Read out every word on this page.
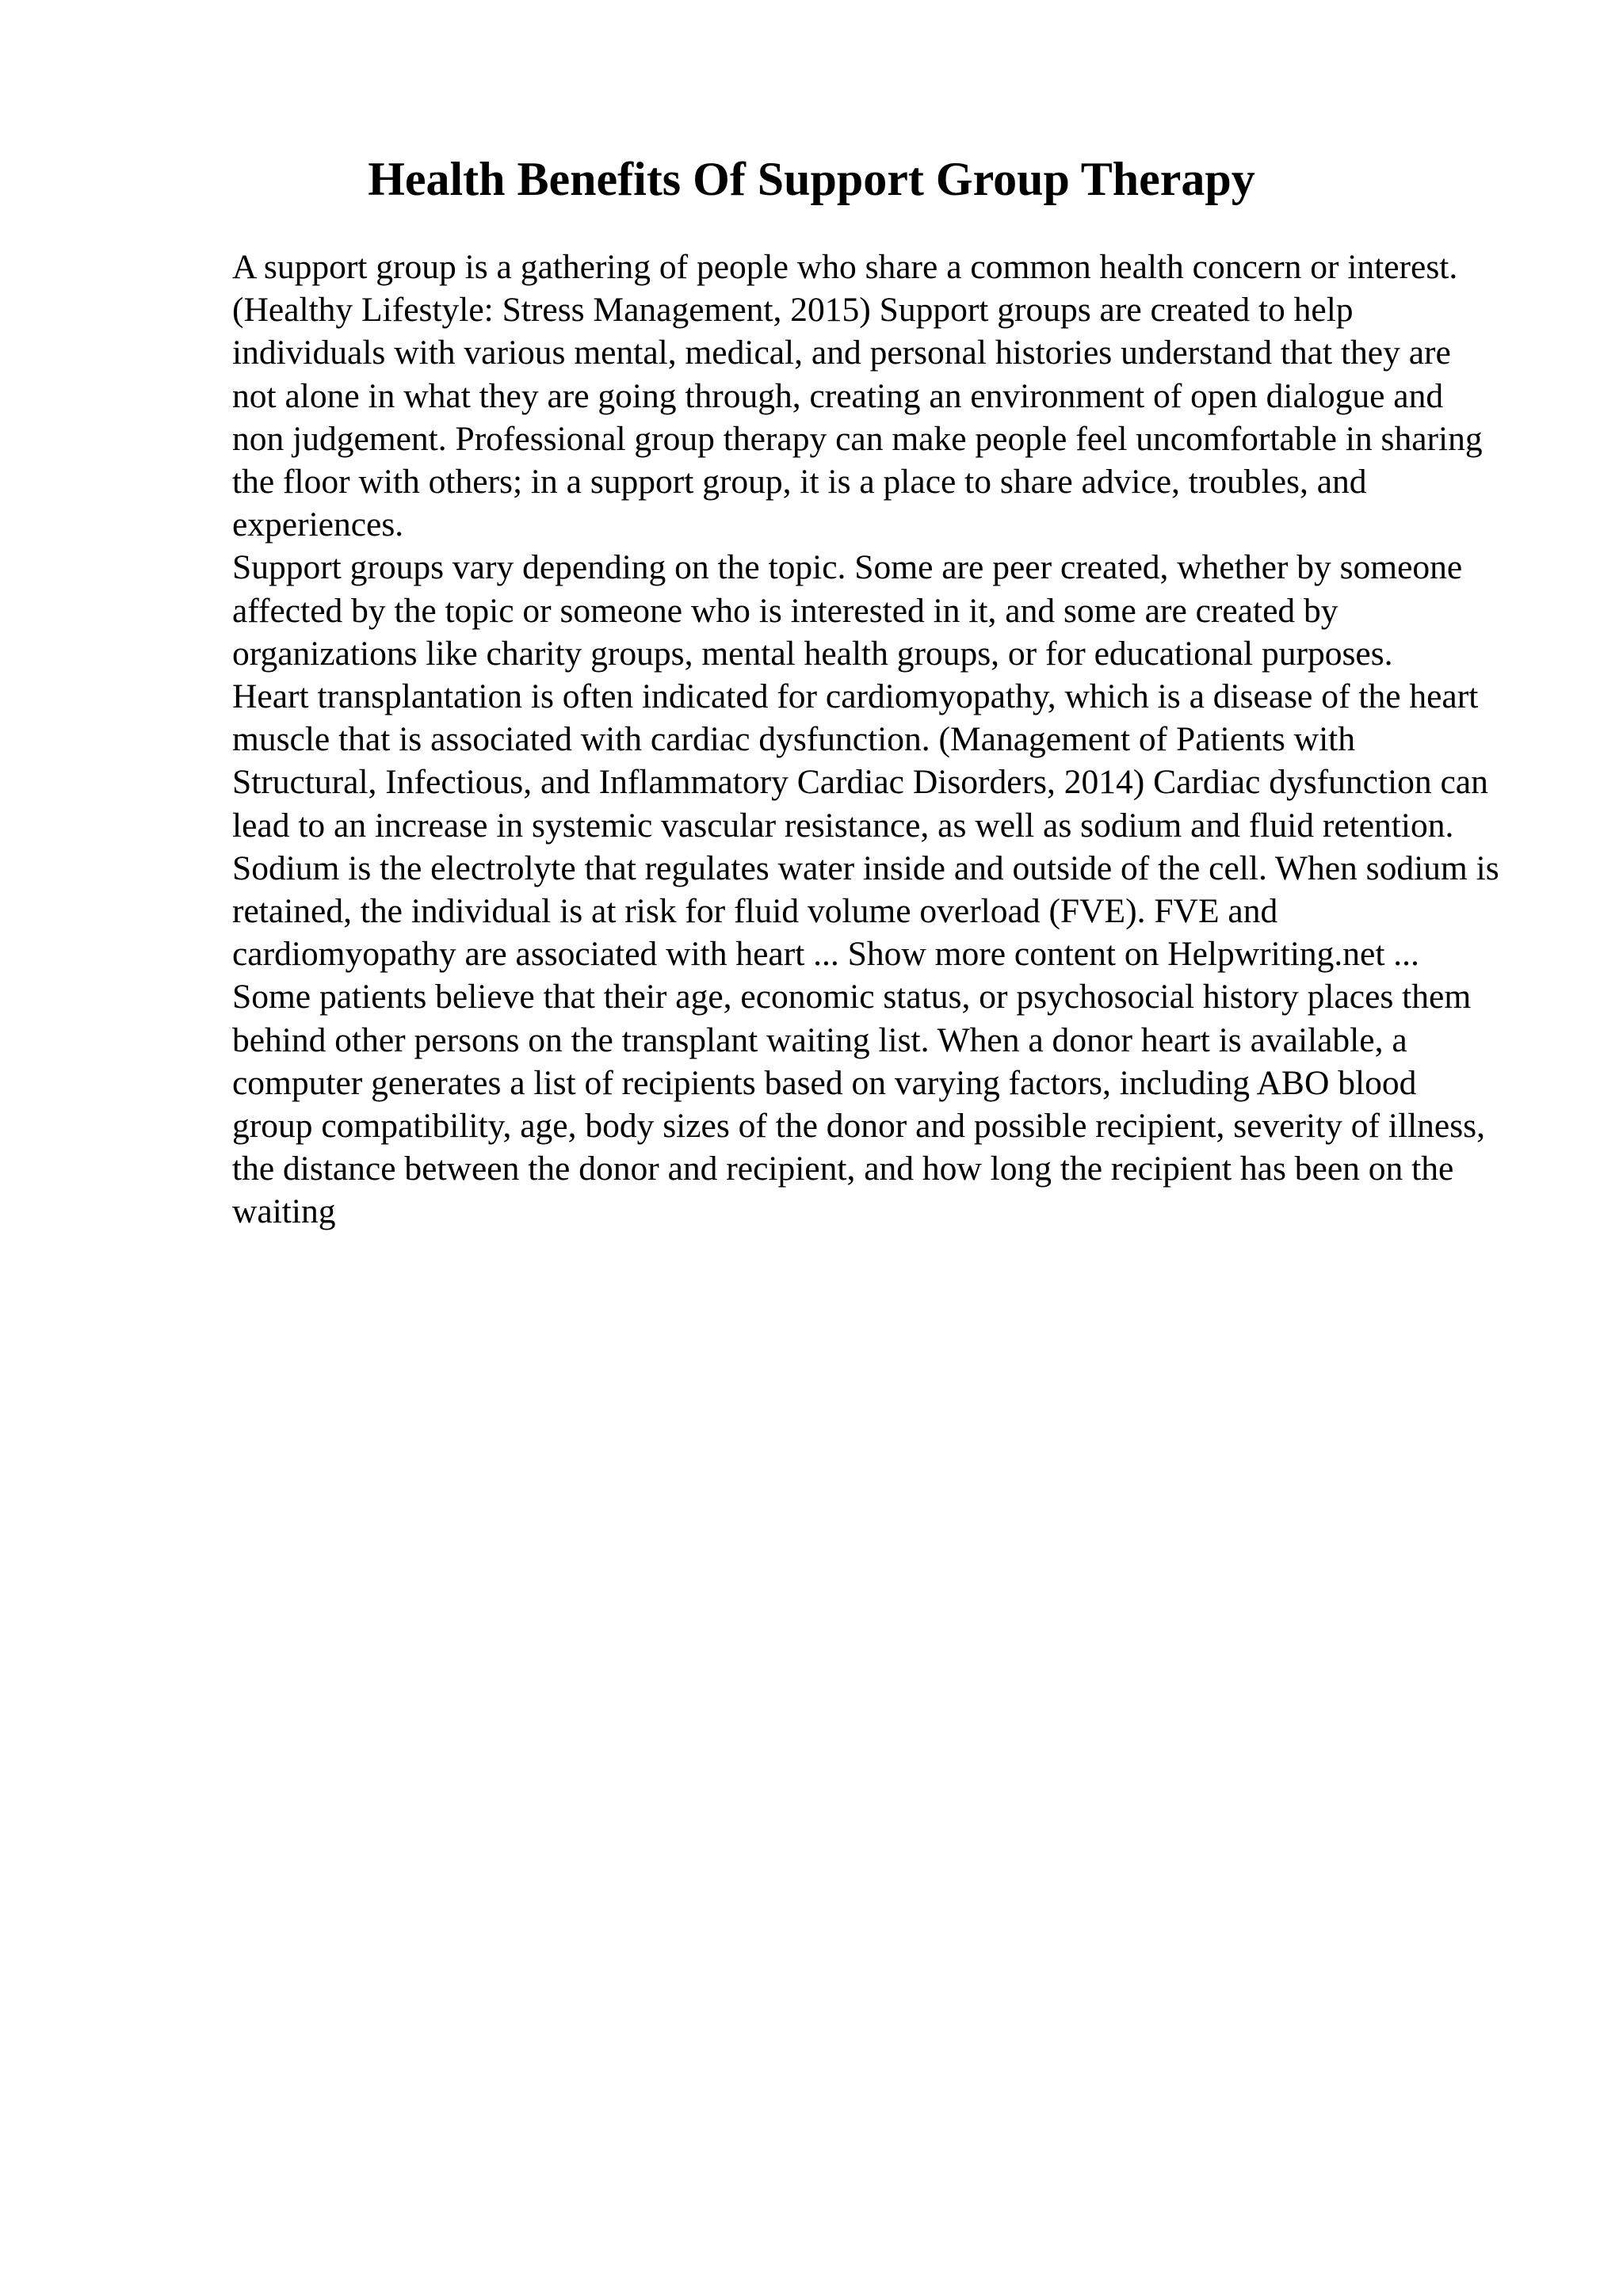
Health Benefits Of Support Group Therapy

A support group is a gathering of people who share a common health concern or interest. (Healthy Lifestyle: Stress Management, 2015) Support groups are created to help individuals with various mental, medical, and personal histories understand that they are not alone in what they are going through, creating an environment of open dialogue and non judgement. Professional group therapy can make people feel uncomfortable in sharing the floor with others; in a support group, it is a place to share advice, troubles, and experiences.

Support groups vary depending on the topic. Some are peer created, whether by someone affected by the topic or someone who is interested in it, and some are created by organizations like charity groups, mental health groups, or for educational purposes.

Heart transplantation is often indicated for cardiomyopathy, which is a disease of the heart muscle that is associated with cardiac dysfunction. (Management of Patients with Structural, Infectious, and Inflammatory Cardiac Disorders, 2014) Cardiac dysfunction can lead to an increase in systemic vascular resistance, as well as sodium and fluid retention. Sodium is the electrolyte that regulates water inside and outside of the cell. When sodium is retained, the individual is at risk for fluid volume overload (FVE). FVE and cardiomyopathy are associated with heart ... Show more content on Helpwriting.net ...

Some patients believe that their age, economic status, or psychosocial history places them behind other persons on the transplant waiting list. When a donor heart is available, a computer generates a list of recipients based on varying factors, including ABO blood group compatibility, age, body sizes of the donor and possible recipient, severity of illness, the distance between the donor and recipient, and how long the recipient has been on the waiting
